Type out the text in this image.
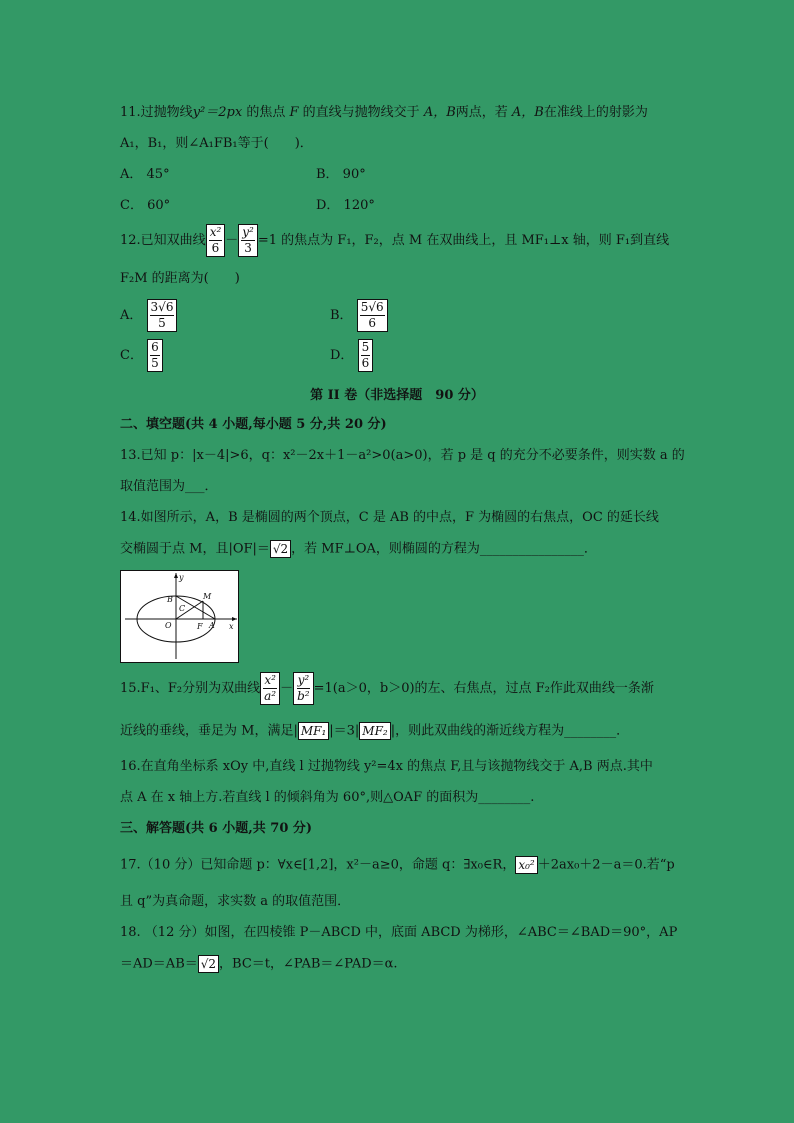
11.过抛物线y²＝2px 的焦点 F 的直线与抛物线交于 A，B两点，若 A，B在准线上的射影为
A₁，B₁，则∠A₁FB₁等于(　　)．
A． 45°	B． 90°
C． 60°	D． 120°
12.已知双曲线 $\frac{\text{x²}}{6} - \frac{\text{y²}}{3} =1$ 的焦点为 F₁，F₂，点 M 在双曲线上，且 MF₁⊥x 轴，则 F₁到直线
F₂M 的距离为(　　)
A． $\frac{3√6}{5}$	B． $\frac{5√6}{6}$
C． $\frac{6}{5}$	D． $\frac{5}{6}$
第 II 卷（非选择题　90 分）
二、填空题(共 4 小题,每小题 5 分,共 20 分)
13.已知 p：|x－4|>6，q：x²－2x＋1－a²>0(a>0)，若 p 是 q 的充分不必要条件，则实数 a 的
取值范围为___．
14.如图所示，A，B 是椭圆的两个顶点，C 是 AB 的中点，F 为椭圆的右焦点，OC 的延长线
交椭圆于点 M，且|OF|＝ √2 ，若 MF⊥OA，则椭圆的方程为________________．
y
x
B	M
C
O	F A
15.F₁、F₂分别为双曲线 $\frac{\text{x²}}{\text{a²}} - \frac{\text{y²}}{\text{b²}} =1(a>0$，b＞0)的左、右焦点，过点 F₂作此双曲线一条渐
近线的垂线，垂足为 M，满足| MF₁ |＝3| MF₂ |，则此双曲线的渐近线方程为________．
16.在直角坐标系 xOy 中,直线 l 过抛物线 y²=4x 的焦点 F,且与该抛物线交于 A,B 两点.其中
点 A 在 x 轴上方.若直线 l 的倾斜角为 60°,则△OAF 的面积为________.
三、解答题(共 6 小题,共 70 分)
17.（10 分）已知命题 p：∀x∈[1,2]，x²－a≥0，命题 q：∃x₀∈R， x₀² ＋2ax₀＋2－a＝0.若“p
且 q”为真命题，求实数 a 的取值范围．
18. （12 分）如图，在四棱锥 P－ABCD 中，底面 ABCD 为梯形，∠ABC＝∠BAD＝90°，AP
＝AD＝AB＝ √2 ，BC＝t，∠PAB＝∠PAD＝α.
